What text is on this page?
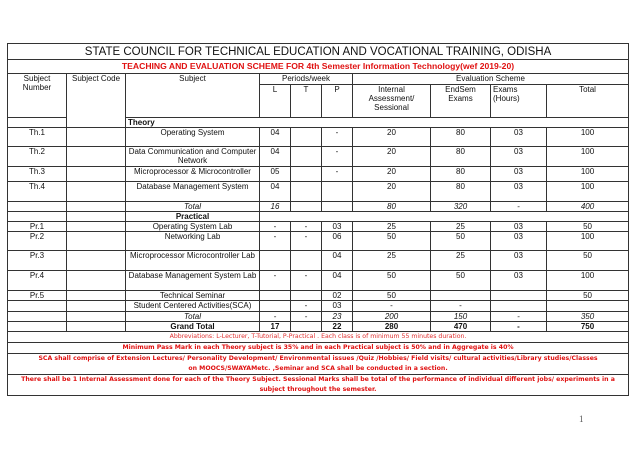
STATE COUNCIL FOR TECHNICAL EDUCATION AND VOCATIONAL TRAINING, ODISHA									
TEACHING AND EVALUATION SCHEME FOR 4th Semester Information Technology(wef 2019-20)									
Subject Number	Subject Code	Subject	Periods/week			Evaluation Scheme			
			L	T	P	Internal Assessment/ Sessional	EndSem Exams	Exams (Hours)	Total
		Theory							
Th.1		Operating System	04		-	20	80	03	100
Th.2		Data Communication and Computer Network	04		-	20	80	03	100
Th.3		Microprocessor & Microcontroller	05		-	20	80	03	100
Th.4		Database Management System	04			20	80	03	100
		Total	16			80	320	-	400
		Practical							
Pr.1		Operating System Lab	-	-	03	25	25	03	50
Pr.2		Networking Lab	-	-	06	50	50	03	100
Pr.3		Microprocessor Microcontroller Lab			04	25	25	03	50
Pr.4		Database Management System Lab	-	-	04	50	50	03	100
Pr.5		Technical Seminar			02	50			50
		Student Centered Activities(SCA)		-	03	-	-		
		Total	-	-	23	200	150	-	350
		Grand Total	17		22	280	470	-	750
Abbreviations: L-Lecturer, T-Tutorial, P-Practical . Each class is of minimum 55 minutes duration.									
Minimum Pass Mark in each Theory subject is 35% and in each Practical subject is 50% and in Aggregate is 40%									
SCA shall comprise of Extension Lectures/ Personality Development/ Environmental issues /Quiz /Hobbies/ Field visits/ cultural activities/Library studies/Classes on MOOCS/SWAYAMetc. ,Seminar and SCA shall be conducted in a section.									
There shall be 1 Internal Assessment done for each of the Theory Subject. Sessional Marks shall be total of the performance of individual different jobs/ experiments in a subject throughout the semester.									
1
